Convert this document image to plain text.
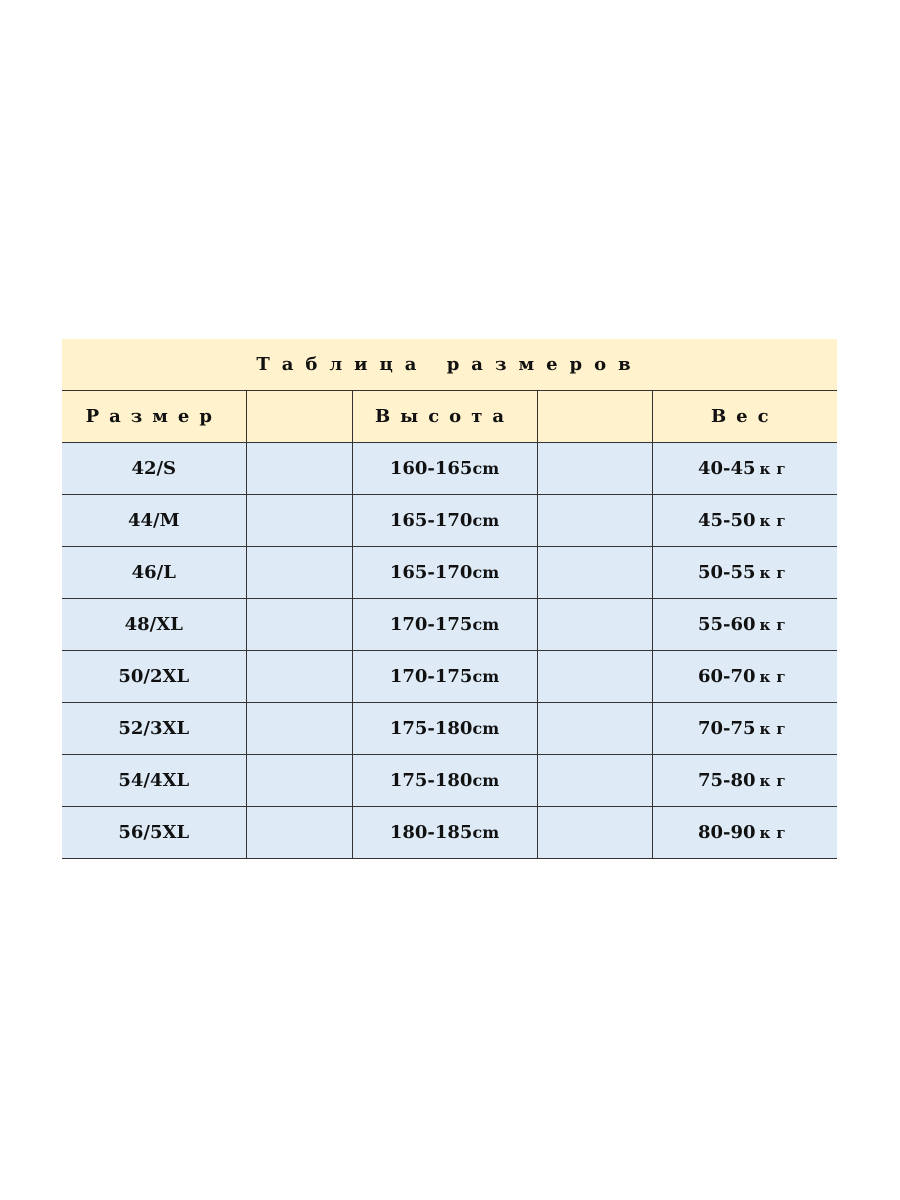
Таблица размеров				
Размер		Высота		Вес
42/S		160-165cm		40-45 кг
44/M		165-170cm		45-50 кг
46/L		165-170cm		50-55 кг
48/XL		170-175cm		55-60 кг
50/2XL		170-175cm		60-70 кг
52/3XL		175-180cm		70-75 кг
54/4XL		175-180cm		75-80 кг
56/5XL		180-185cm		80-90 кг
